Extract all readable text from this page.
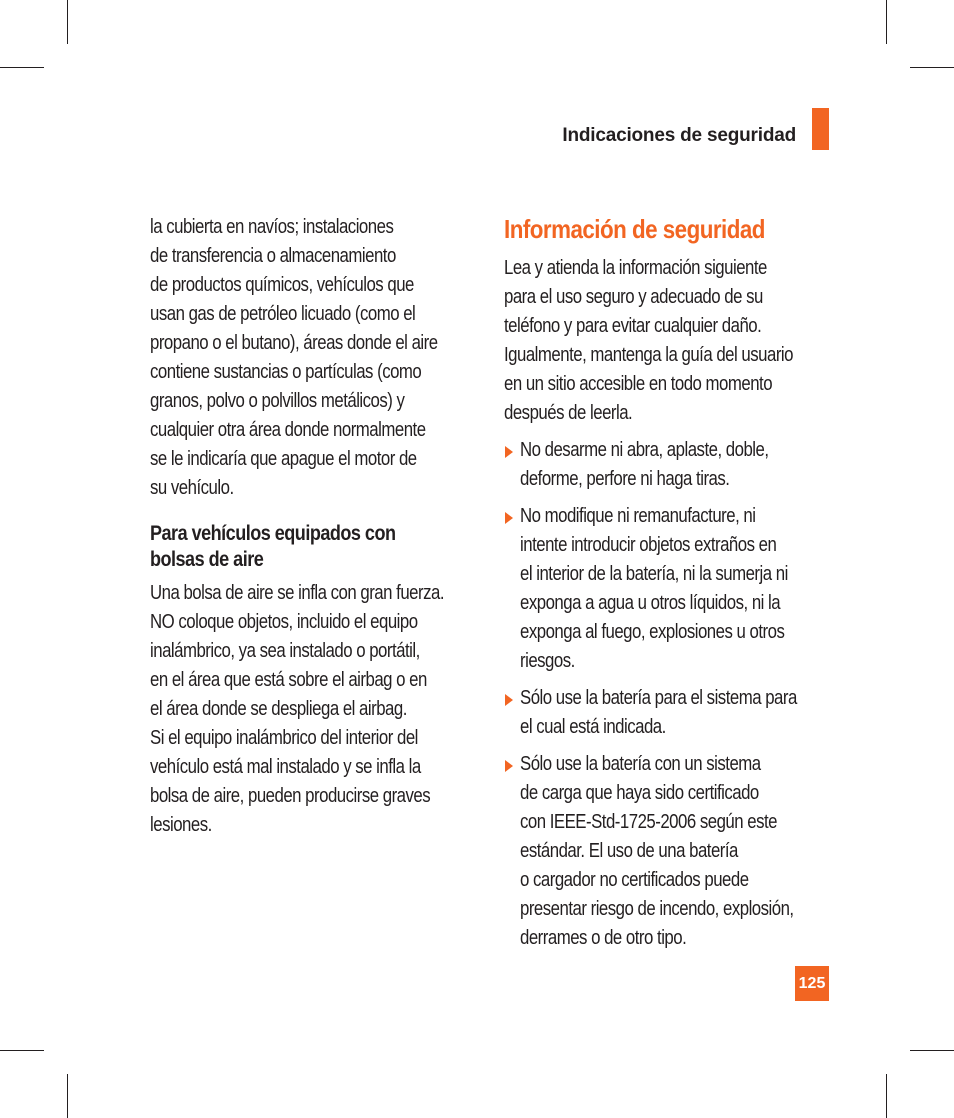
Indicaciones de seguridad

la cubierta en navíos; instalaciones
de transferencia o almacenamiento
de productos químicos, vehículos que
usan gas de petróleo licuado (como el
propano o el butano), áreas donde el aire
contiene sustancias o partículas (como
granos, polvo o polvillos metálicos) y
cualquier otra área donde normalmente
se le indicaría que apague el motor de
su vehículo.

Para vehículos equipados con
bolsas de aire

Una bolsa de aire se infla con gran fuerza.
NO coloque objetos, incluido el equipo
inalámbrico, ya sea instalado o portátil,
en el área que está sobre el airbag o en
el área donde se despliega el airbag.
Si el equipo inalámbrico del interior del
vehículo está mal instalado y se infla la
bolsa de aire, pueden producirse graves
lesiones.

Información de seguridad

Lea y atienda la información siguiente
para el uso seguro y adecuado de su
teléfono y para evitar cualquier daño.
Igualmente, mantenga la guía del usuario
en un sitio accesible en todo momento
después de leerla.

No desarme ni abra, aplaste, doble,
deforme, perfore ni haga tiras.
No modifique ni remanufacture, ni
intente introducir objetos extraños en
el interior de la batería, ni la sumerja ni
exponga a agua u otros líquidos, ni la
exponga al fuego, explosiones u otros
riesgos.
Sólo use la batería para el sistema para
el cual está indicada.
Sólo use la batería con un sistema
de carga que haya sido certificado
con IEEE-Std-1725-2006 según este
estándar. El uso de una batería
o cargador no certificados puede
presentar riesgo de incendo, explosión,
derrames o de otro tipo.
125
